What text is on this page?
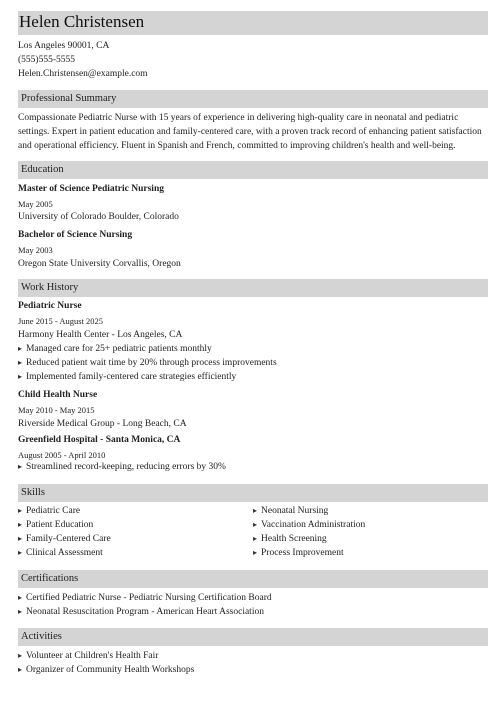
Helen Christensen
Los Angeles 90001, CA
(555)555-5555
Helen.Christensen@example.com
Professional Summary
Compassionate Pediatric Nurse with 15 years of experience in delivering high-quality care in neonatal and pediatric
settings. Expert in patient education and family-centered care, with a proven track record of enhancing patient satisfaction
and operational efficiency. Fluent in Spanish and French, committed to improving children's health and well-being.
Education
Master of Science Pediatric Nursing
May 2005
University of Colorado Boulder, Colorado
Bachelor of Science Nursing
May 2003
Oregon State University Corvallis, Oregon
Work History
Pediatric Nurse
June 2015 - August 2025
Harmony Health Center - Los Angeles, CA
▸ Managed care for 25+ pediatric patients monthly
▸ Reduced patient wait time by 20% through process improvements
▸ Implemented family-centered care strategies efficiently
Child Health Nurse
May 2010 - May 2015
Riverside Medical Group - Long Beach, CA
Greenfield Hospital - Santa Monica, CA
August 2005 - April 2010
▸ Streamlined record-keeping, reducing errors by 30%
Skills
▸ Pediatric Care
▸ Patient Education
▸ Family-Centered Care
▸ Clinical Assessment
▸ Neonatal Nursing
▸ Vaccination Administration
▸ Health Screening
▸ Process Improvement
Certifications
▸ Certified Pediatric Nurse - Pediatric Nursing Certification Board
▸ Neonatal Resuscitation Program - American Heart Association
Activities
▸ Volunteer at Children's Health Fair
▸ Organizer of Community Health Workshops
